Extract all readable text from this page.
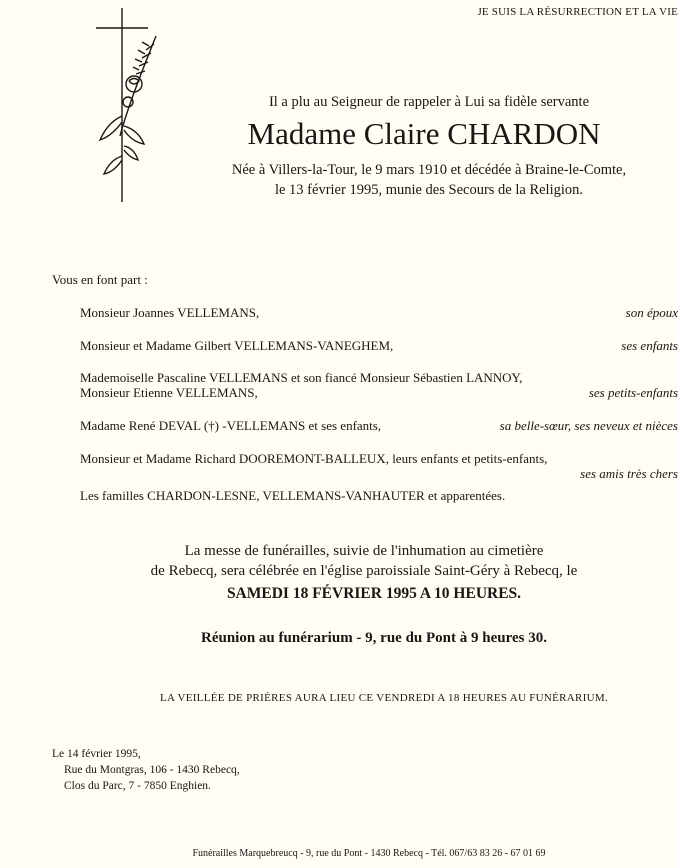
JE SUIS LA RÉSURRECTION ET LA VIE
Il a plu au Seigneur de rappeler à Lui sa fidèle servante
Madame Claire CHARDON
Née à Villers-la-Tour, le 9 mars 1910 et décédée à Braine-le-Comte,
le 13 février 1995, munie des Secours de la Religion.
Vous en font part :
Monsieur Joannes VELLEMANS,	son époux
Monsieur et Madame Gilbert VELLEMANS-VANEGHEM,	ses enfants
Mademoiselle Pascaline VELLEMANS et son fiancé Monsieur Sébastien LANNOY,
Monsieur Etienne VELLEMANS,	ses petits-enfants
Madame René DEVAL (†) -VELLEMANS et ses enfants,	sa belle-sœur, ses neveux et nièces
Monsieur et Madame Richard DOOREMONT-BALLEUX, leurs enfants et petits-enfants,
ses amis très chers
Les familles CHARDON-LESNE, VELLEMANS-VANHAUTER et apparentées.
La messe de funérailles, suivie de l'inhumation au cimetière
de Rebecq, sera célébrée en l'église paroissiale Saint-Géry à Rebecq, le
SAMEDI 18 FÉVRIER 1995 A 10 HEURES.
Réunion au funérarium - 9, rue du Pont à 9 heures 30.
LA VEILLÉE DE PRIÈRES AURA LIEU CE VENDREDI A 18 HEURES AU FUNÉRARIUM.
Le 14 février 1995,
Rue du Montgras, 106 - 1430 Rebecq,
Clos du Parc, 7 - 7850 Enghien.
Funérailles Marquebreucq - 9, rue du Pont - 1430 Rebecq - Tél. 067/63 83 26 - 67 01 69
